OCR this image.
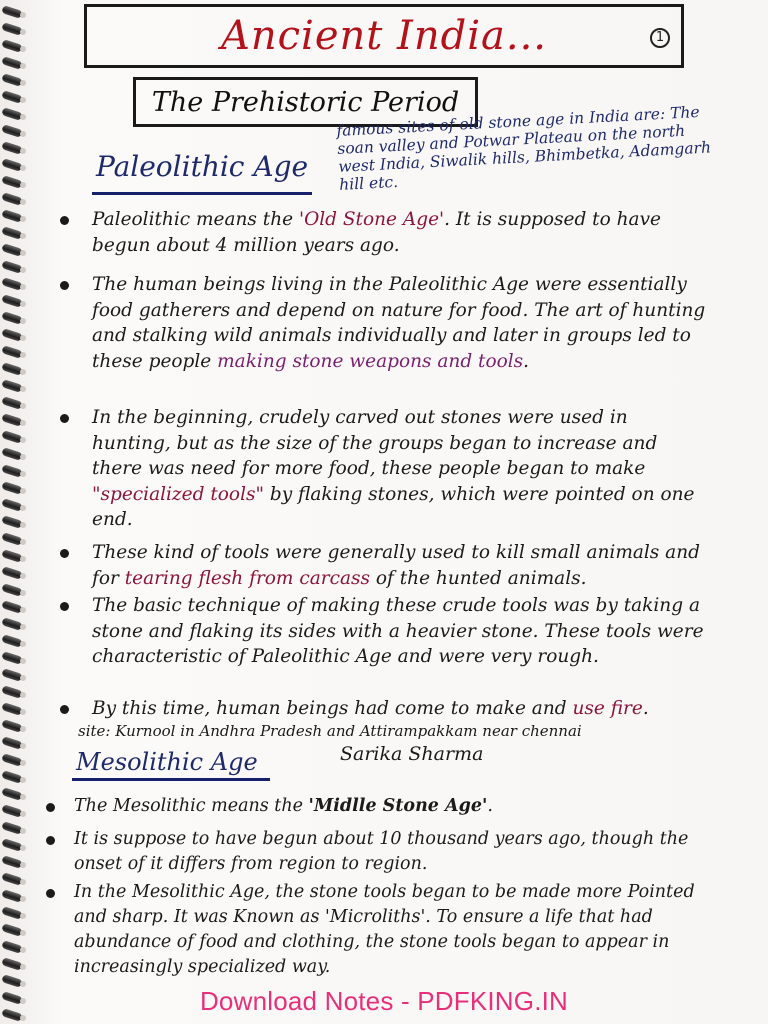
Ancient India...	1
The Prehistoric Period
Paleolithic Age
famous sites of old stone age in India are: The soan valley and Potwar Plateau on the north west India, Siwalik hills, Bhimbetka, Adamgarh hill etc.
Paleolithic means the 'Old Stone Age'. It is supposed to have begun about 4 million years ago.
The human beings living in the Paleolithic Age were essentially food gatherers and depend on nature for food. The art of hunting and stalking wild animals individually and later in groups led to these people making stone weapons and tools.
In the beginning, crudely carved out stones were used in hunting, but as the size of the groups began to increase and there was need for more food, these people began to make "specialized tools" by flaking stones, which were pointed on one end.
These kind of tools were generally used to kill small animals and for tearing flesh from carcass of the hunted animals.
The basic technique of making these crude tools was by taking a stone and flaking its sides with a heavier stone. These tools were characteristic of Paleolithic Age and were very rough.
By this time, human beings had come to make and use fire.
site: Kurnool in Andhra Pradesh and Attirampakkam near chennai
Sarika Sharma
Mesolithic Age
The Mesolithic means the 'Midlle Stone Age'.
It is suppose to have begun about 10 thousand years ago, though the onset of it differs from region to region.
In the Mesolithic Age, the stone tools began to be made more Pointed and sharp. It was Known as 'Microliths'. To ensure a life that had abundance of food and clothing, the stone tools began to appear in increasingly specialized way.
Download Notes - PDFKING.IN
